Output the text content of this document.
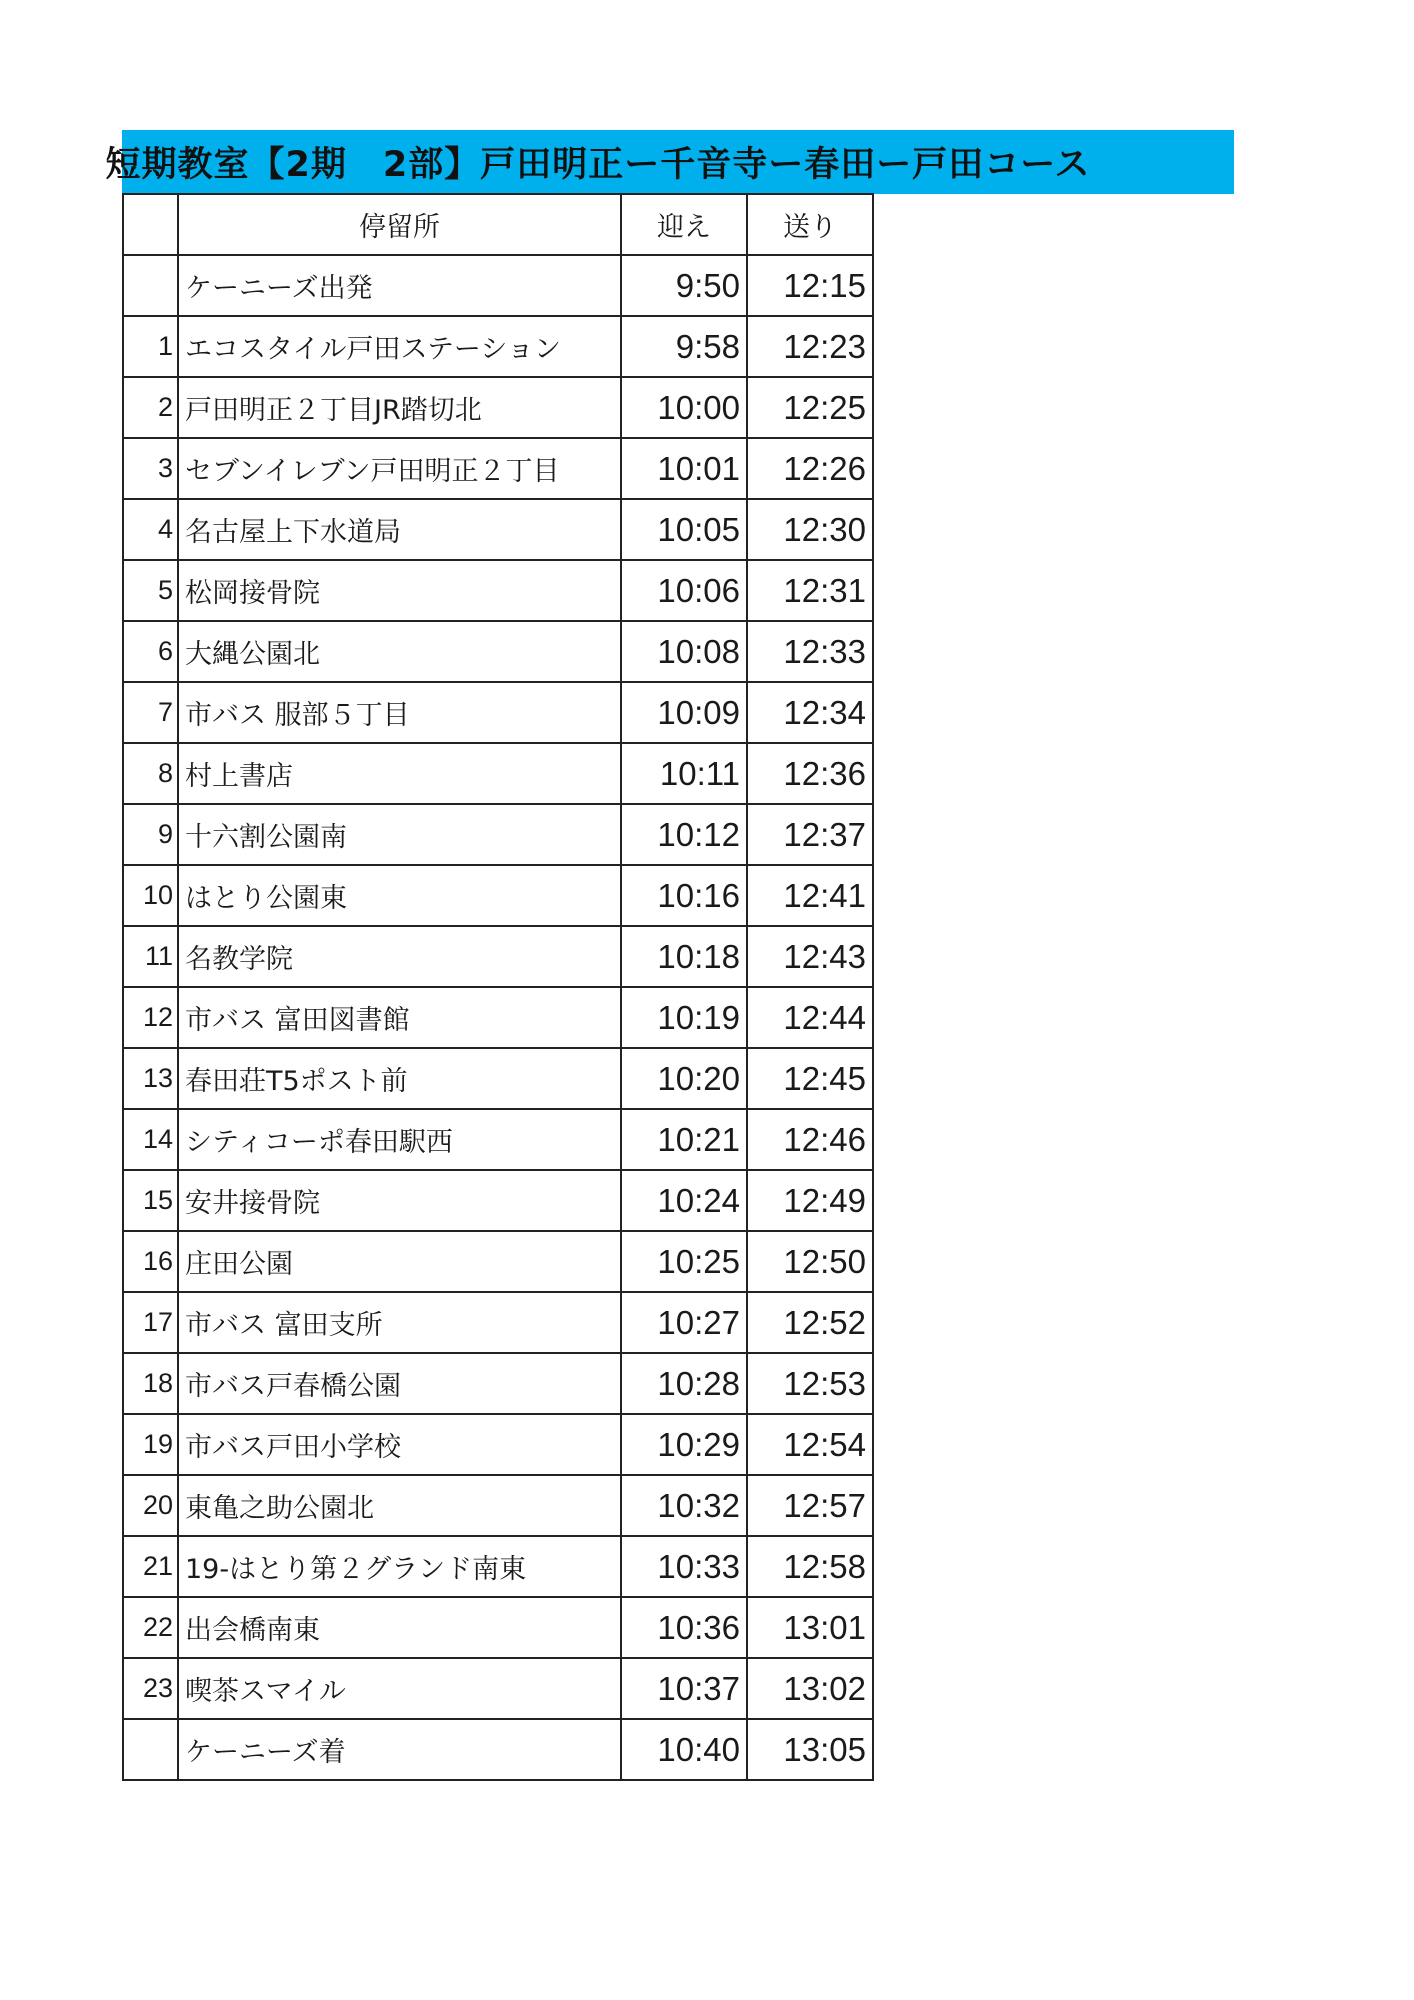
短期教室【2期　2部】戸田明正ー千音寺ー春田ー戸田コース
	停留所	迎え	送り
	ケーニーズ出発	9:50	12:15
1	エコスタイル戸田ステーション	9:58	12:23
2	戸田明正２丁目JR踏切北	10:00	12:25
3	セブンイレブン戸田明正２丁目	10:01	12:26
4	名古屋上下水道局	10:05	12:30
5	松岡接骨院	10:06	12:31
6	大縄公園北	10:08	12:33
7	市バス 服部５丁目	10:09	12:34
8	村上書店	10:11	12:36
9	十六割公園南	10:12	12:37
10	はとり公園東	10:16	12:41
11	名教学院	10:18	12:43
12	市バス 富田図書館	10:19	12:44
13	春田荘T5ポスト前	10:20	12:45
14	シティコーポ春田駅西	10:21	12:46
15	安井接骨院	10:24	12:49
16	庄田公園	10:25	12:50
17	市バス 富田支所	10:27	12:52
18	市バス戸春橋公園	10:28	12:53
19	市バス戸田小学校	10:29	12:54
20	東亀之助公園北	10:32	12:57
21	19-はとり第２グランド南東	10:33	12:58
22	出会橋南東	10:36	13:01
23	喫茶スマイル	10:37	13:02
	ケーニーズ着	10:40	13:05
